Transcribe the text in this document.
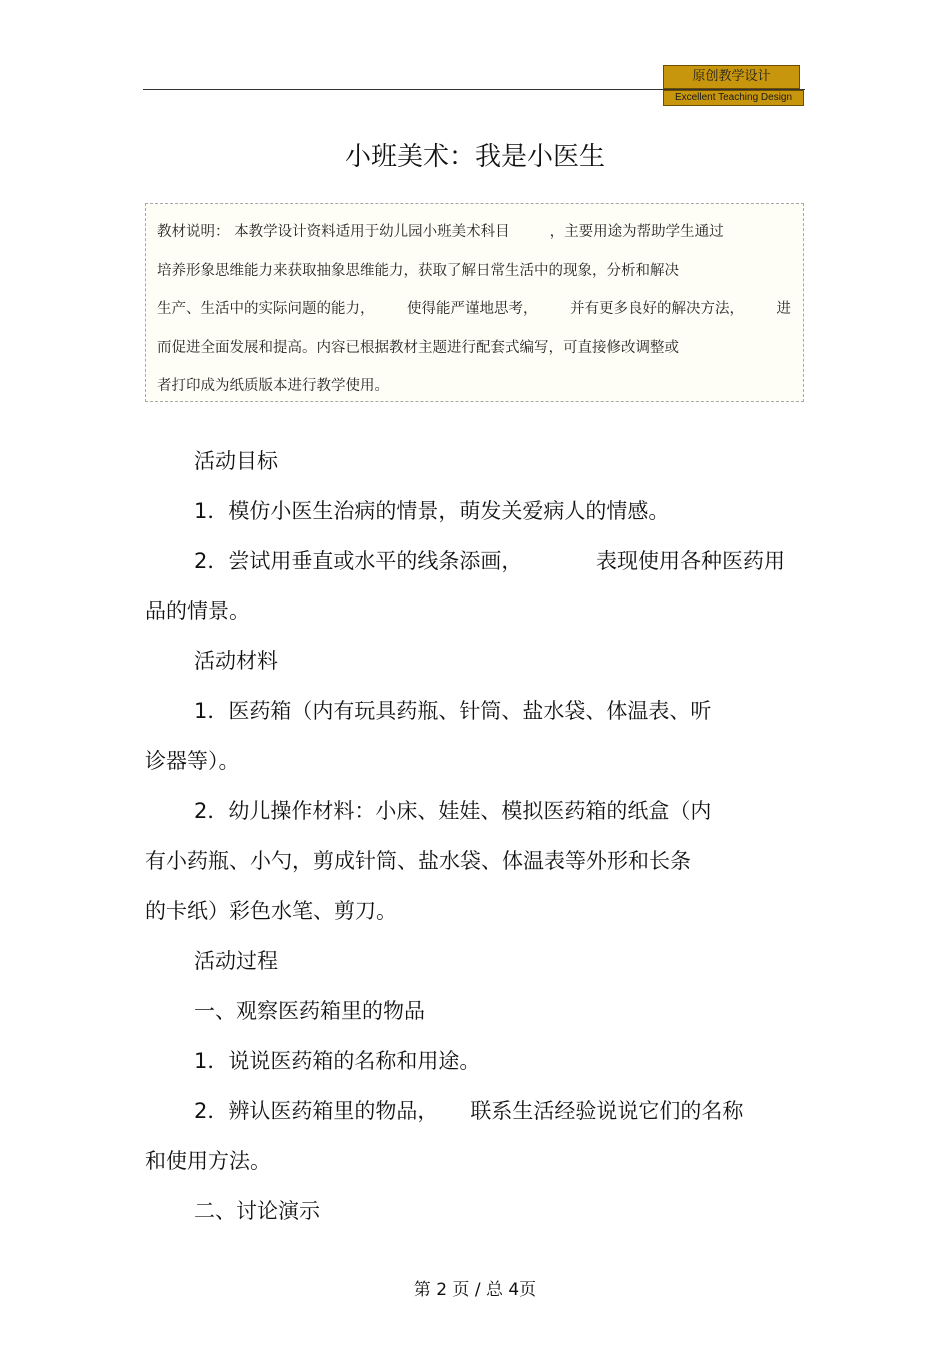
原创教学设计
Excellent Teaching Design
小班美术：我是小医生
教材说明： 本教学设计资料适用于幼儿园小班美术科目	，主要用途为帮助学生通过
培养形象思维能力来获取抽象思维能力，获取了解日常生活中的现象，分析和解决
生产、生活中的实际问题的能力， 使得能严谨地思考， 并有更多良好的解决方法， 进
而促进全面发展和提高。内容已根据教材主题进行配套式编写，可直接修改调整或
者打印成为纸质版本进行教学使用。
活动目标
1．模仿小医生治病的情景，萌发关爱病人的情感。
2．尝试用垂直或水平的线条添画，	表现使用各种医药用
品的情景。
活动材料
1．医药箱（内有玩具药瓶、针筒、盐水袋、体温表、听
诊器等）。
2．幼儿操作材料：小床、娃娃、模拟医药箱的纸盒（内
有小药瓶、小勺，剪成针筒、盐水袋、体温表等外形和长条
的卡纸）彩色水笔、剪刀。
活动过程
一、观察医药箱里的物品
1．说说医药箱的名称和用途。
2．辨认医药箱里的物品， 联系生活经验说说它们的名称
和使用方法。
二、讨论演示
第 2 页 / 总 4页
